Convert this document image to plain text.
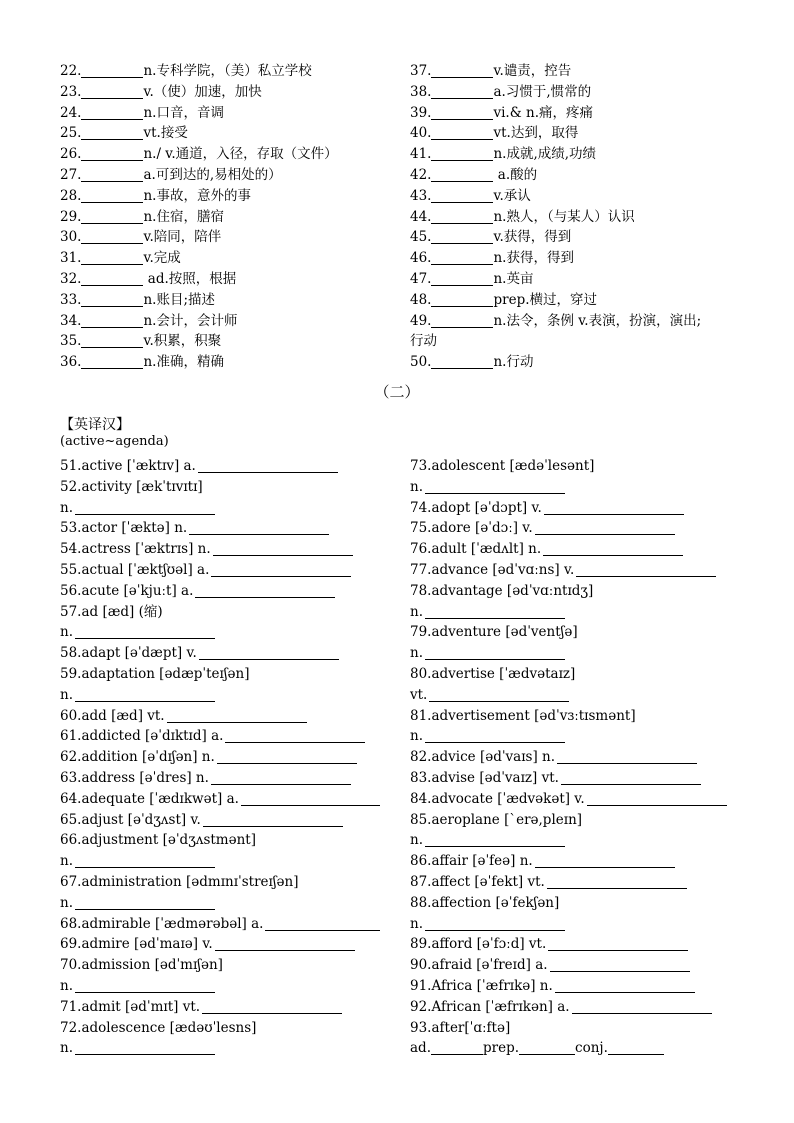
22.	n.专科学院，（美）私立学校
23.	v.（使）加速，加快
24.	n.口音，音调
25.	vt.接受
26.	n./ v.通道，入径，存取（文件）
27.	a.可到达的,易相处的）
28.	n.事故，意外的事
29.	n.住宿，膳宿
30.	v.陪同，陪伴
31.	v.完成
32.	ad.按照，根据
33.	n.账目;描述
34.	n.会计，会计师
35.	v.积累，积聚
36.	n.准确，精确
37.	v.谴责，控告
38.	a.习惯于,惯常的
39.	vi.& n.痛，疼痛
40.	vt.达到，取得
41.	n.成就,成绩,功绩
42.	a.酸的
43.	v.承认
44.	n.熟人，（与某人）认识
45.	v.获得，得到
46.	n.获得，得到
47.	n.英亩
48.	prep.横过，穿过
49.	n.法令，条例 v.表演，扮演，演出;
行动
50.	n.行动
（二）
【英译汉】
(active~agenda)
51.active [ˈæktɪv] a.
52.activity [ækˈtɪvɪtɪ]
n.
53.actor [ˈæktə] n.
54.actress [ˈæktrɪs] n.
55.actual [ˈæktʃʊəl] a.
56.acute [əˈkjuːt] a.
57.ad [æd] (缩)
n.
58.adapt [əˈdæpt] v.
59.adaptation [ədæpˈteɪʃən]
n.
60.add [æd] vt.
61.addicted [əˈdɪktɪd] a.
62.addition [əˈdɪʃən] n.
63.address [əˈdres] n.
64.adequate [ˈædɪkwət] a.
65.adjust [əˈdʒʌst] v.
66.adjustment [əˈdʒʌstmənt]
n.
67.administration [ədmɪnɪˈstreɪʃən]
n.
68.admirable [ˈædmərəbəl] a.
69.admire [ədˈmaɪə] v.
70.admission [ədˈmɪʃən]
n.
71.admit [ədˈmɪt] vt.
72.adolescence [ædəʊˈlesns]
n.
73.adolescent [ædəˈlesənt]
n.
74.adopt [əˈdɔpt] v.
75.adore [əˈdɔː] v.
76.adult [ˈædʌlt] n.
77.advance [ədˈvɑːns] v.
78.advantage [ədˈvɑːntɪdʒ]
n.
79.adventure [ədˈventʃə]
n.
80.advertise [ˈædvətaɪz]
vt.
81.advertisement [ədˈvɜːtɪsmənt]
n.
82.advice [ədˈvaɪs] n.
83.advise [ədˈvaɪz] vt.
84.advocate [ˈædvəkət] v.
85.aeroplane [ˋerə,pleɪn]
n.
86.affair [əˈfeə] n.
87.affect [əˈfekt] vt.
88.affection [əˈfekʃən]
n.
89.afford [əˈfɔːd] vt.
90.afraid [əˈfreɪd] a.
91.Africa [ˈæfrɪkə] n.
92.African [ˈæfrɪkən] a.
93.after[ˈɑːftə]
ad.	prep.	conj.
